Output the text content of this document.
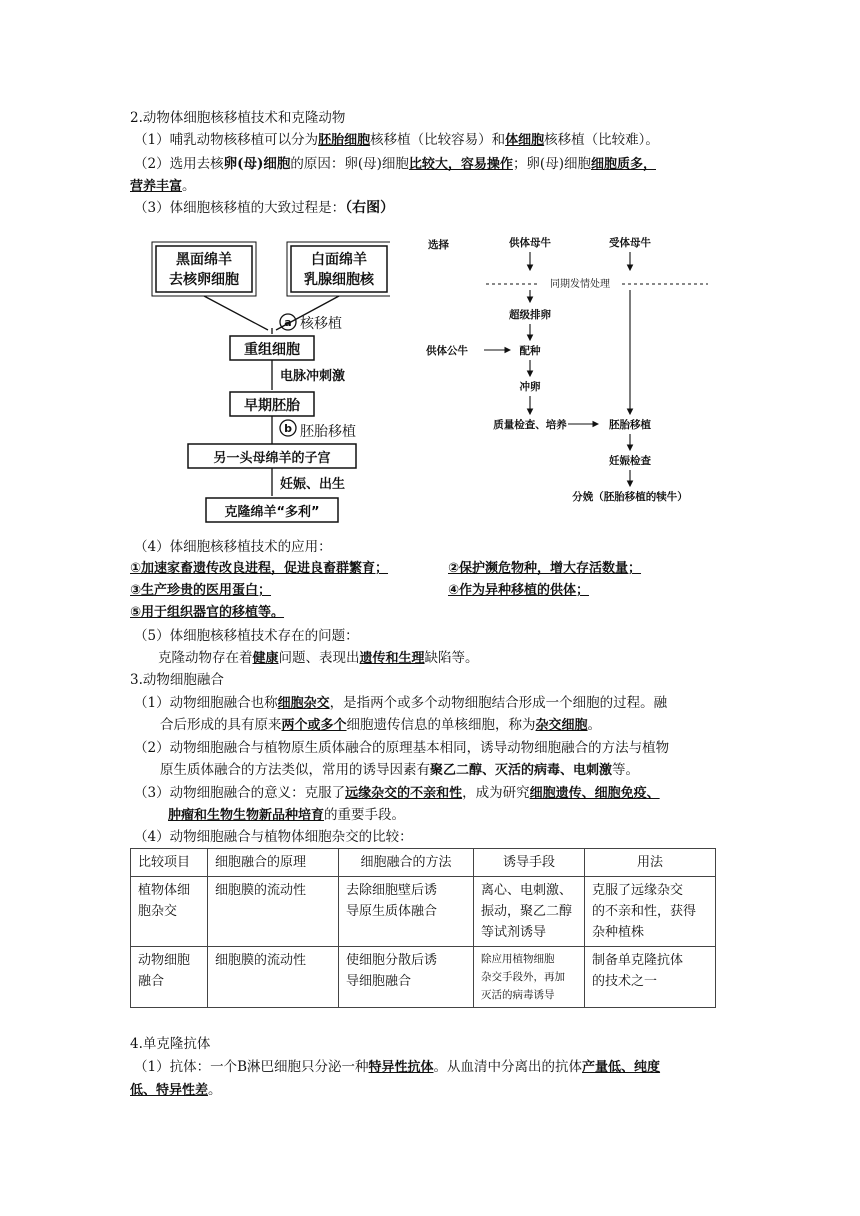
2.动物体细胞核移植技术和克隆动物
（1）哺乳动物核移植可以分为胚胎细胞核移植（比较容易）和体细胞核移植（比较难）。
（2）选用去核卵(母)细胞的原因：卵(母)细胞比较大，容易操作；卵(母)细胞细胞质多，
营养丰富。
（3）体细胞核移植的大致过程是：（右图）
黑面绵羊
去核卵细胞
白面绵羊
乳腺细胞核
a 核移植
重组细胞
电脉冲刺激
早期胚胎
b 胚胎移植
另一头母绵羊的子宫
妊娠、出生
克隆绵羊“多利”
选择	供体母牛	受体母牛
同期发情处理
超级排卵
供体公牛	配种
冲卵
质量检查、培养	胚胎移植
妊娠检查
分娩（胚胎移植的犊牛）
（4）体细胞核移植技术的应用：
①加速家畜遗传改良进程，促进良畜群繁育；	②保护濒危物种，增大存活数量；
③生产珍贵的医用蛋白；	④作为异种移植的供体；
⑤用于组织器官的移植等。
（5）体细胞核移植技术存在的问题：
克隆动物存在着健康问题、表现出遗传和生理缺陷等。
3.动物细胞融合
（1）动物细胞融合也称细胞杂交，是指两个或多个动物细胞结合形成一个细胞的过程。融
合后形成的具有原来两个或多个细胞遗传信息的单核细胞，称为杂交细胞。
（2）动物细胞融合与植物原生质体融合的原理基本相同，诱导动物细胞融合的方法与植物
原生质体融合的方法类似，常用的诱导因素有聚乙二醇、灭活的病毒、电刺激等。
（3）动物细胞融合的意义：克服了远缘杂交的不亲和性，成为研究细胞遗传、细胞免疫、
肿瘤和生物生物新品种培育的重要手段。
（4）动物细胞融合与植物体细胞杂交的比较：
比较项目	细胞融合的原理	细胞融合的方法	诱导手段	用法
植物体细
胞杂交	细胞膜的流动性	去除细胞壁后诱
导原生质体融合	离心、电刺激、
振动，聚乙二醇
等试剂诱导	克服了远缘杂交
的不亲和性，获得
杂种植株
动物细胞
融合	细胞膜的流动性	使细胞分散后诱
导细胞融合	除应用植物细胞
杂交手段外，再加
灭活的病毒诱导	制备单克隆抗体
的技术之一
4.单克隆抗体
（1）抗体：一个B淋巴细胞只分泌一种特异性抗体。从血清中分离出的抗体产量低、纯度
低、特异性差。
